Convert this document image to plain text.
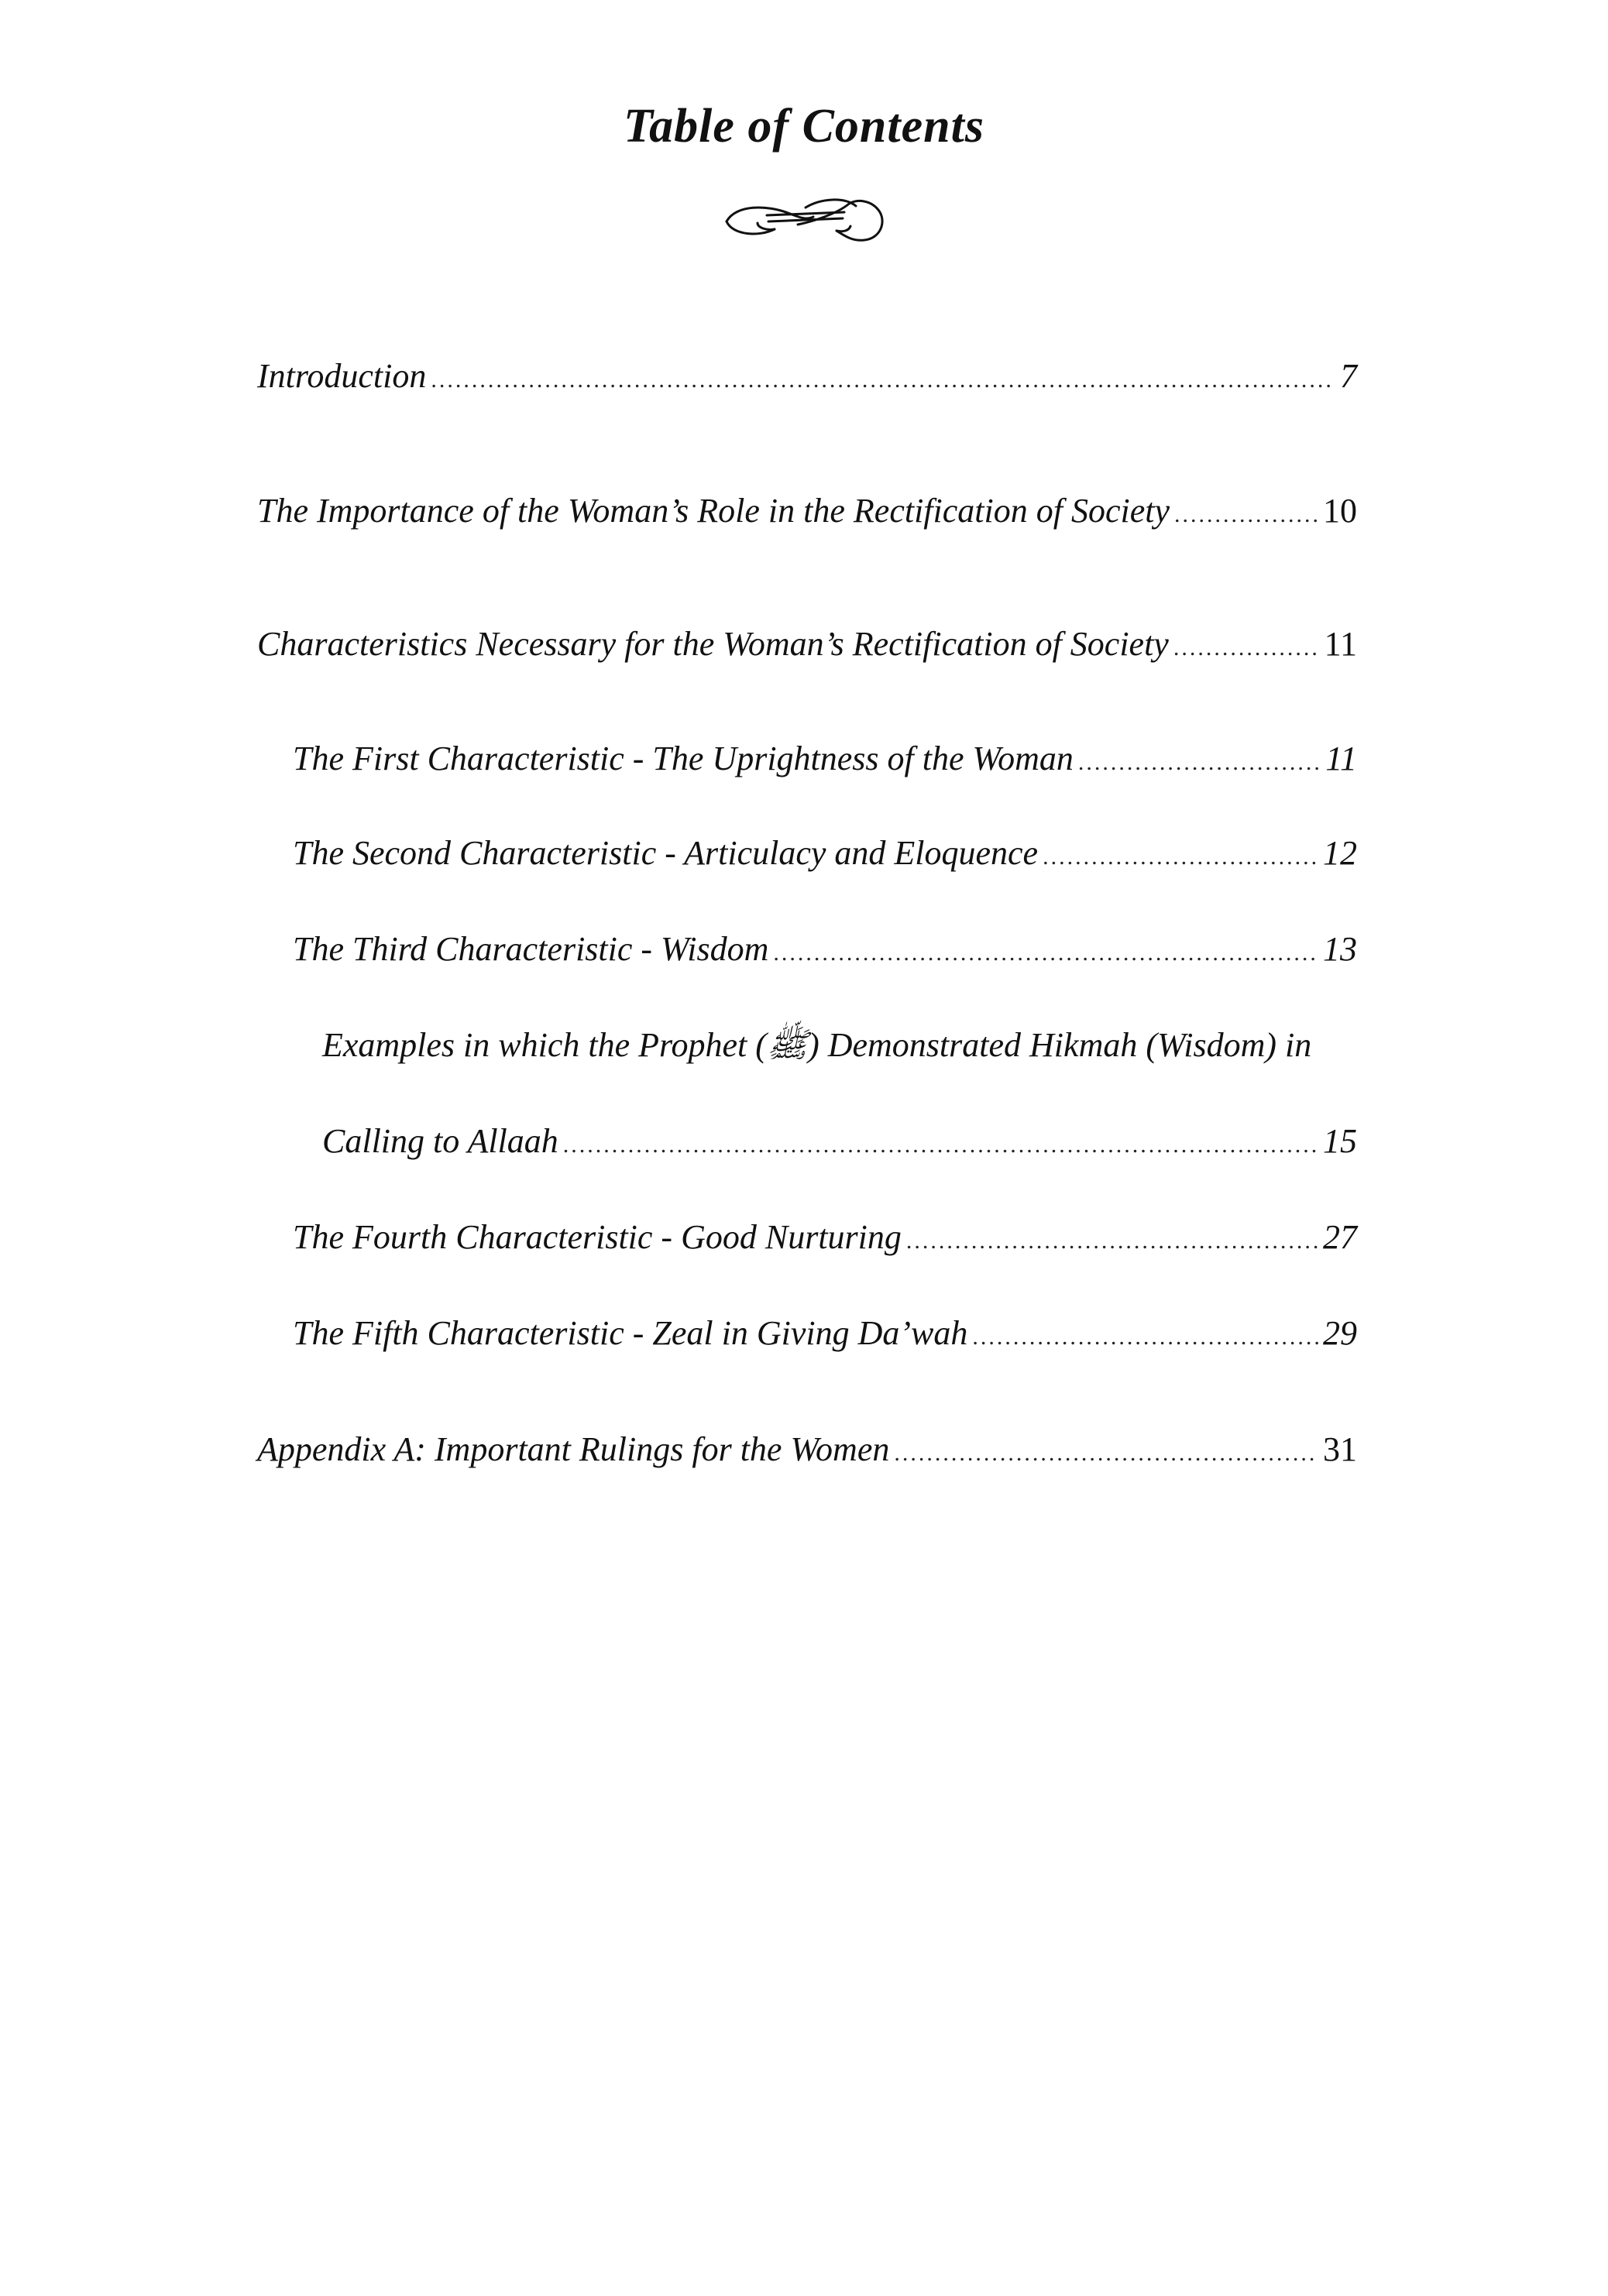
Table of Contents
Introduction .....	7
The Importance of the Woman’s Role in the Rectification of Society .....	10
Characteristics Necessary for the Woman’s Rectification of Society .....	11
The First Characteristic - The Uprightness of the Woman .....	11
The Second Characteristic - Articulacy and Eloquence .....	12
The Third Characteristic - Wisdom .....	13
Examples in which the Prophet (ﷺ) Demonstrated Hikmah (Wisdom) in
Calling to Allaah .....	15
The Fourth Characteristic - Good Nurturing .....	27
The Fifth Characteristic - Zeal in Giving Da’wah .....	29
Appendix A: Important Rulings for the Women .....	31
